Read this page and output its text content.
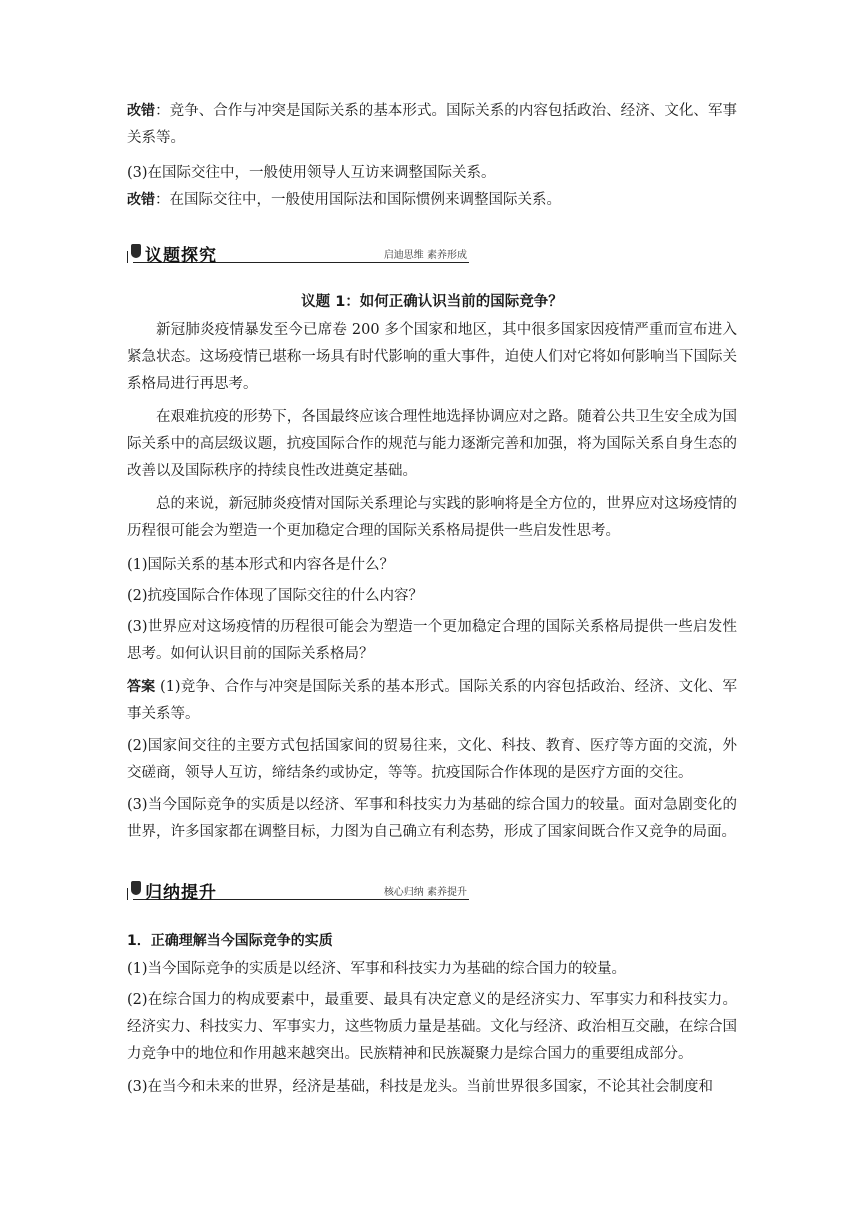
改错：竞争、合作与冲突是国际关系的基本形式。国际关系的内容包括政治、经济、文化、军事关系等。

(3)在国际交往中，一般使用领导人互访来调整国际关系。

改错：在国际交往中，一般使用国际法和国际惯例来调整国际关系。

议题探究	启迪思维 素养形成
议题 1：如何正确认识当前的国际竞争？

新冠肺炎疫情暴发至今已席卷 200 多个国家和地区，其中很多国家因疫情严重而宣布进入紧急状态。这场疫情已堪称一场具有时代影响的重大事件，迫使人们对它将如何影响当下国际关系格局进行再思考。

在艰难抗疫的形势下，各国最终应该合理性地选择协调应对之路。随着公共卫生安全成为国际关系中的高层级议题，抗疫国际合作的规范与能力逐渐完善和加强，将为国际关系自身生态的改善以及国际秩序的持续良性改进奠定基础。

总的来说，新冠肺炎疫情对国际关系理论与实践的影响将是全方位的，世界应对这场疫情的历程很可能会为塑造一个更加稳定合理的国际关系格局提供一些启发性思考。

(1)国际关系的基本形式和内容各是什么？

(2)抗疫国际合作体现了国际交往的什么内容？

(3)世界应对这场疫情的历程很可能会为塑造一个更加稳定合理的国际关系格局提供一些启发性思考。如何认识目前的国际关系格局？

答案 (1)竞争、合作与冲突是国际关系的基本形式。国际关系的内容包括政治、经济、文化、军事关系等。

(2)国家间交往的主要方式包括国家间的贸易往来，文化、科技、教育、医疗等方面的交流，外交磋商，领导人互访，缔结条约或协定，等等。抗疫国际合作体现的是医疗方面的交往。

(3)当今国际竞争的实质是以经济、军事和科技实力为基础的综合国力的较量。面对急剧变化的世界，许多国家都在调整目标，力图为自己确立有利态势，形成了国家间既合作又竞争的局面。

归纳提升	核心归纳 素养提升
1．正确理解当今国际竞争的实质

(1)当今国际竞争的实质是以经济、军事和科技实力为基础的综合国力的较量。

(2)在综合国力的构成要素中，最重要、最具有决定意义的是经济实力、军事实力和科技实力。经济实力、科技实力、军事实力，这些物质力量是基础。文化与经济、政治相互交融，在综合国力竞争中的地位和作用越来越突出。民族精神和民族凝聚力是综合国力的重要组成部分。

(3)在当今和未来的世界，经济是基础，科技是龙头。当前世界很多国家，不论其社会制度和
